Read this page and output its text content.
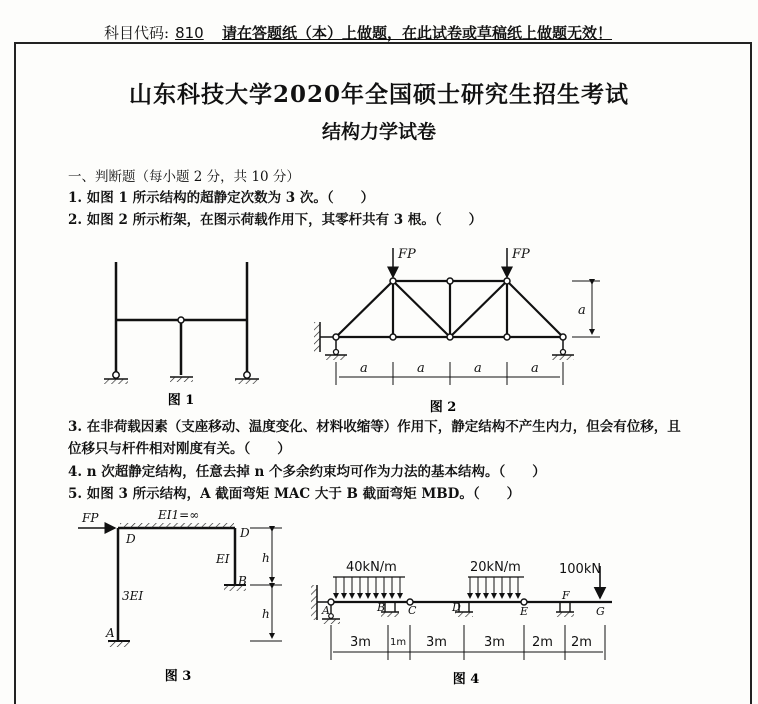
科目代码: 810 请在答题纸（本）上做题，在此试卷或草稿纸上做题无效！
山东科技大学2020年全国硕士研究生招生考试
结构力学试卷
一、判断题（每小题 2 分，共 10 分）
1. 如图 1 所示结构的超静定次数为 3 次。（　　）
2. 如图 2 所示桁架，在图示荷载作用下，其零杆共有 3 根。（　　）
3. 在非荷载因素（支座移动、温度变化、材料收缩等）作用下，静定结构不产生内力，但会有位移，且
位移只与杆件相对刚度有关。（　　）
4. n 次超静定结构，任意去掉 n 个多余约束均可作为力法的基本结构。（　　）
5. 如图 3 所示结构，A 截面弯矩 MAC 大于 B 截面弯矩 MBD。（　　）
图 1
FP	FP
a
a	a	a	a
图 2
FP	EI1=∞
EI
3EI
D	D
B
A
h
h
图 3
40kN/m	20kN/m	100kN
A	B C	D	E
F
G
3m 1m 3m	3m 2m 2m
图 4
